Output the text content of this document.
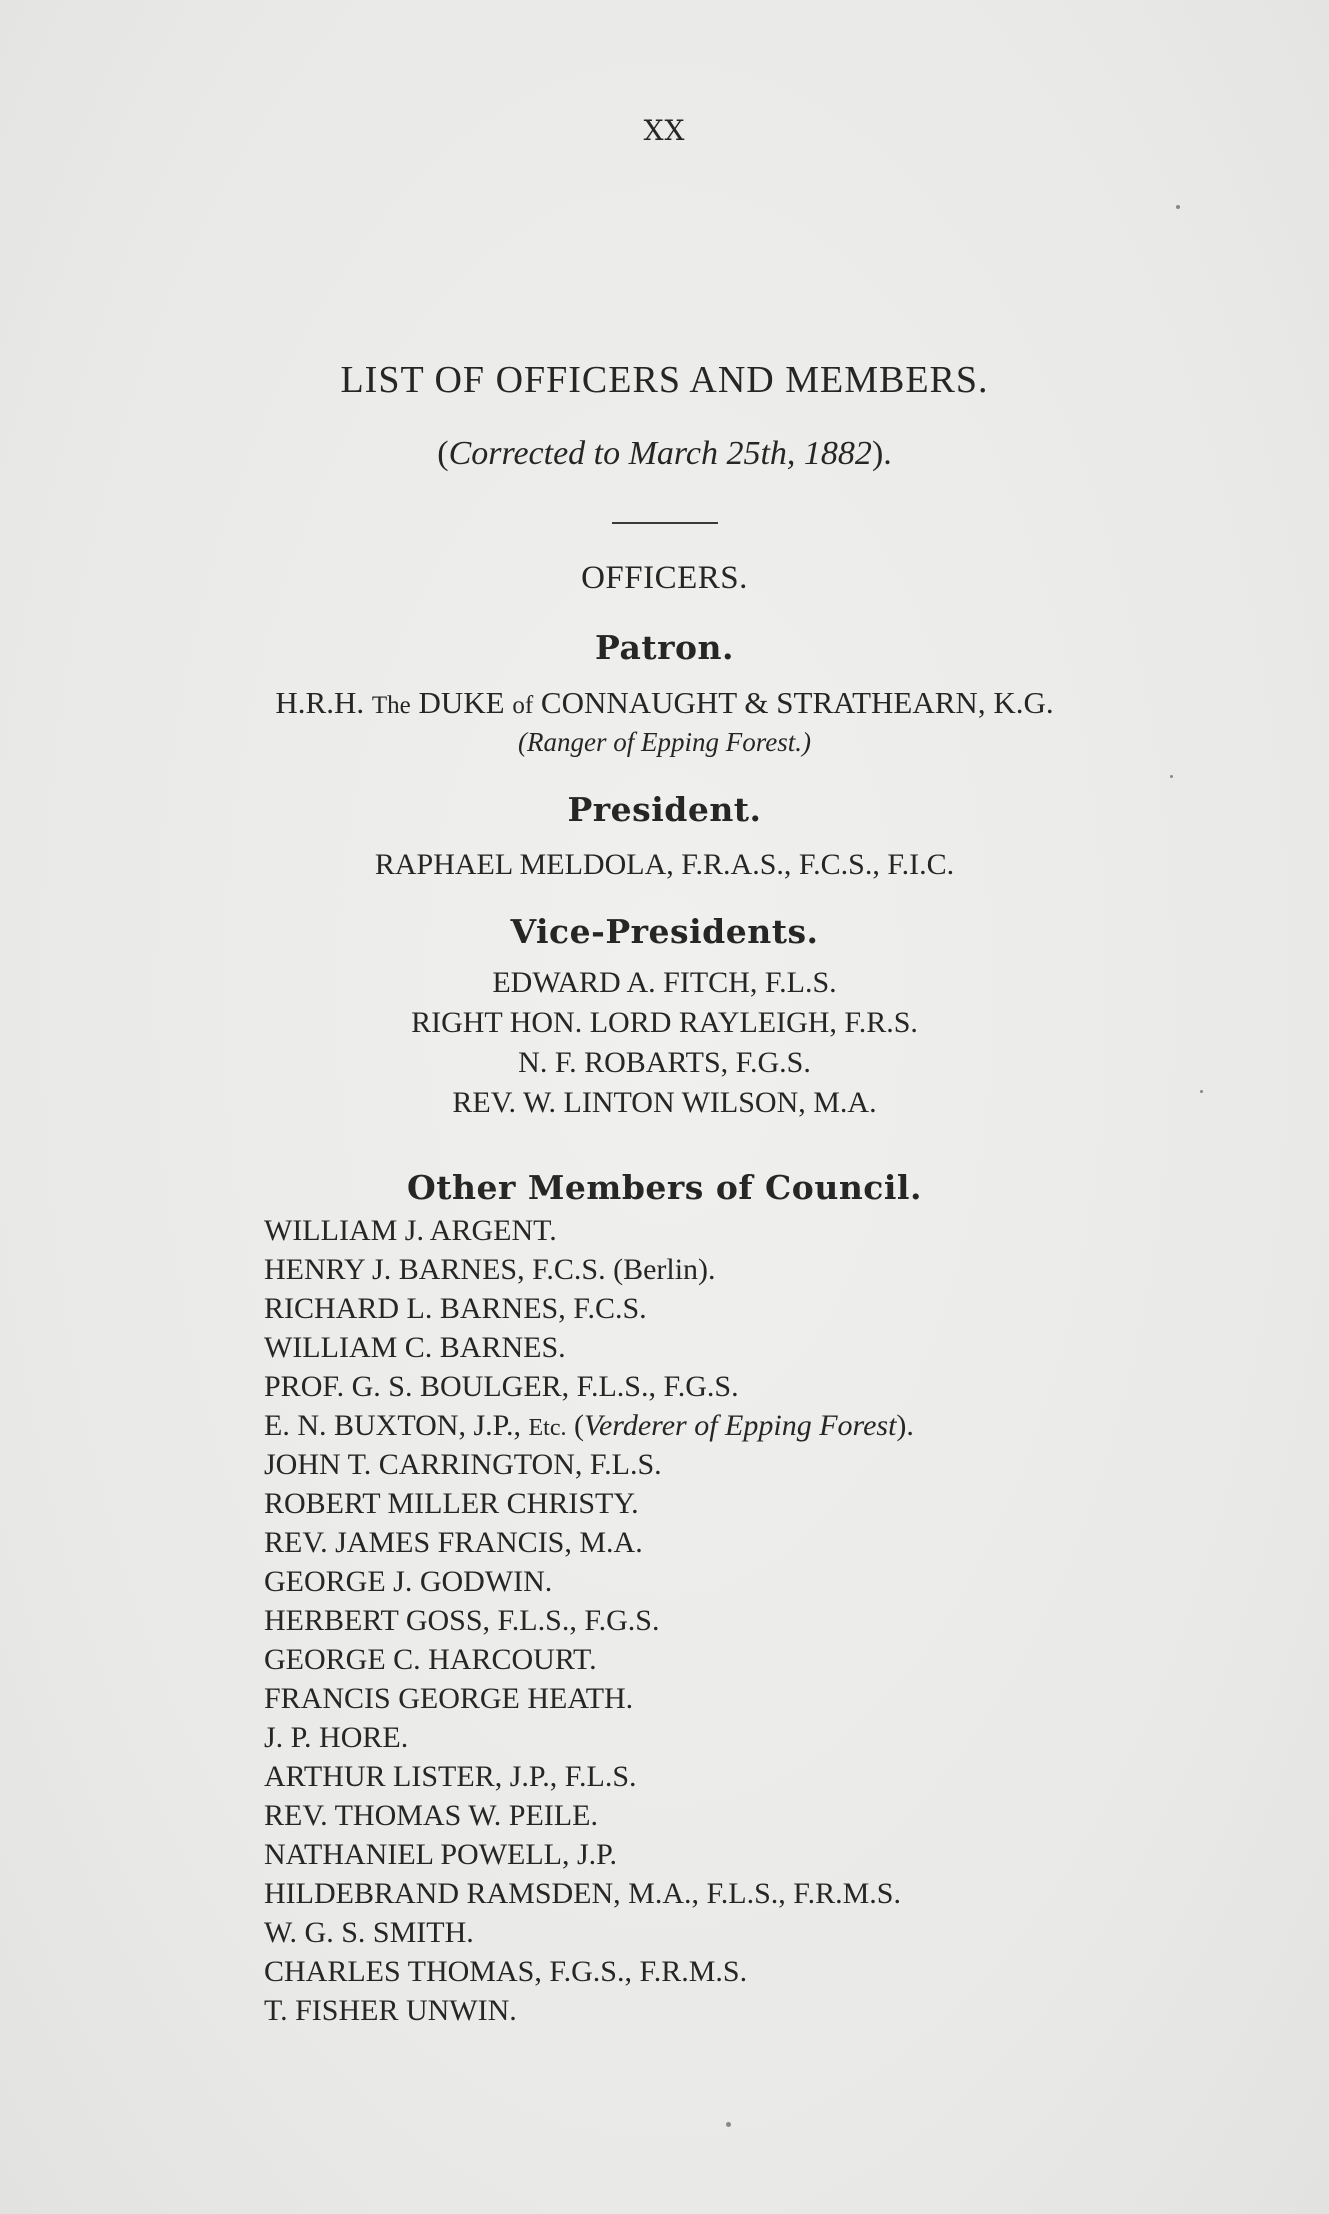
XX
LIST OF OFFICERS AND MEMBERS.
(Corrected to March 25th, 1882).
OFFICERS.
Patron.
H.R.H. The DUKE of CONNAUGHT & STRATHEARN, K.G.
(Ranger of Epping Forest.)
President.
RAPHAEL MELDOLA, F.R.A.S., F.C.S., F.I.C.
Vice-Presidents.
EDWARD A. FITCH, F.L.S.
RIGHT HON. LORD RAYLEIGH, F.R.S.
N. F. ROBARTS, F.G.S.
REV. W. LINTON WILSON, M.A.
Other Members of Council.
WILLIAM J. ARGENT.
HENRY J. BARNES, F.C.S. (Berlin).
RICHARD L. BARNES, F.C.S.
WILLIAM C. BARNES.
PROF. G. S. BOULGER, F.L.S., F.G.S.
E. N. BUXTON, J.P., Etc. (Verderer of Epping Forest).
JOHN T. CARRINGTON, F.L.S.
ROBERT MILLER CHRISTY.
REV. JAMES FRANCIS, M.A.
GEORGE J. GODWIN.
HERBERT GOSS, F.L.S., F.G.S.
GEORGE C. HARCOURT.
FRANCIS GEORGE HEATH.
J. P. HORE.
ARTHUR LISTER, J.P., F.L.S.
REV. THOMAS W. PEILE.
NATHANIEL POWELL, J.P.
HILDEBRAND RAMSDEN, M.A., F.L.S., F.R.M.S.
W. G. S. SMITH.
CHARLES THOMAS, F.G.S., F.R.M.S.
T. FISHER UNWIN.
